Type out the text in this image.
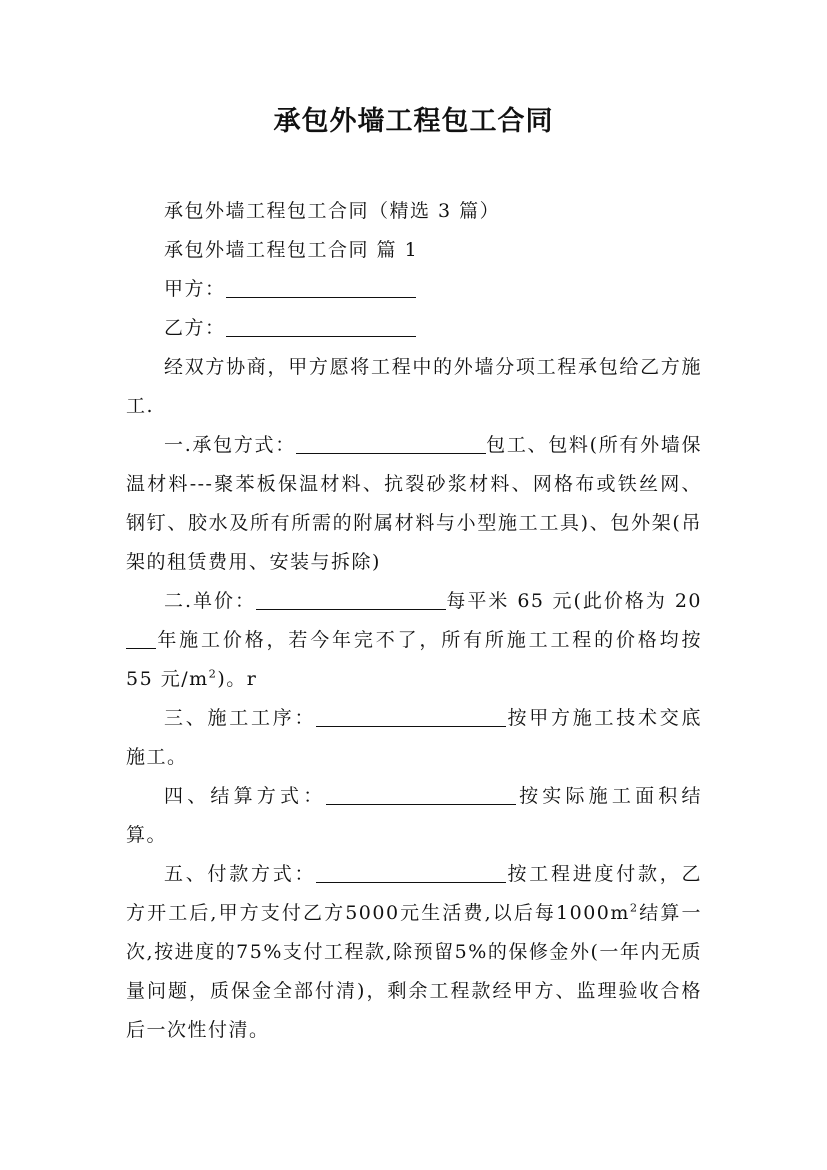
承包外墙工程包工合同

承包外墙工程包工合同（精选 3 篇）

承包外墙工程包工合同 篇 1

甲方：

乙方：

经双方协商，甲方愿将工程中的外墙分项工程承包给乙方施工.

一.承包方式：	包工、包料(所有外墙保温材料---聚苯板保温材料、抗裂砂浆材料、网格布或铁丝网、钢钉、胶水及所有所需的附属材料与小型施工工具)、包外架(吊架的租赁费用、安装与拆除)

二.单价：	每平米 65 元(此价格为 20年施工价格，若今年完不了，所有所施工工程的价格均按 55 元$/m^2$)。r

三、施工工序：	按甲方施工技术交底施工。

四、结算方式：	按实际施工面积结算。

五、付款方式：	按工程进度付款，乙方开工后,甲方支付乙方5000元生活费,以后每$1000m^2$结算一次,按进度的75%支付工程款,除预留5%的保修金外(一年内无质量问题，质保金全部付清)，剩余工程款经甲方、监理验收合格后一次性付清。
